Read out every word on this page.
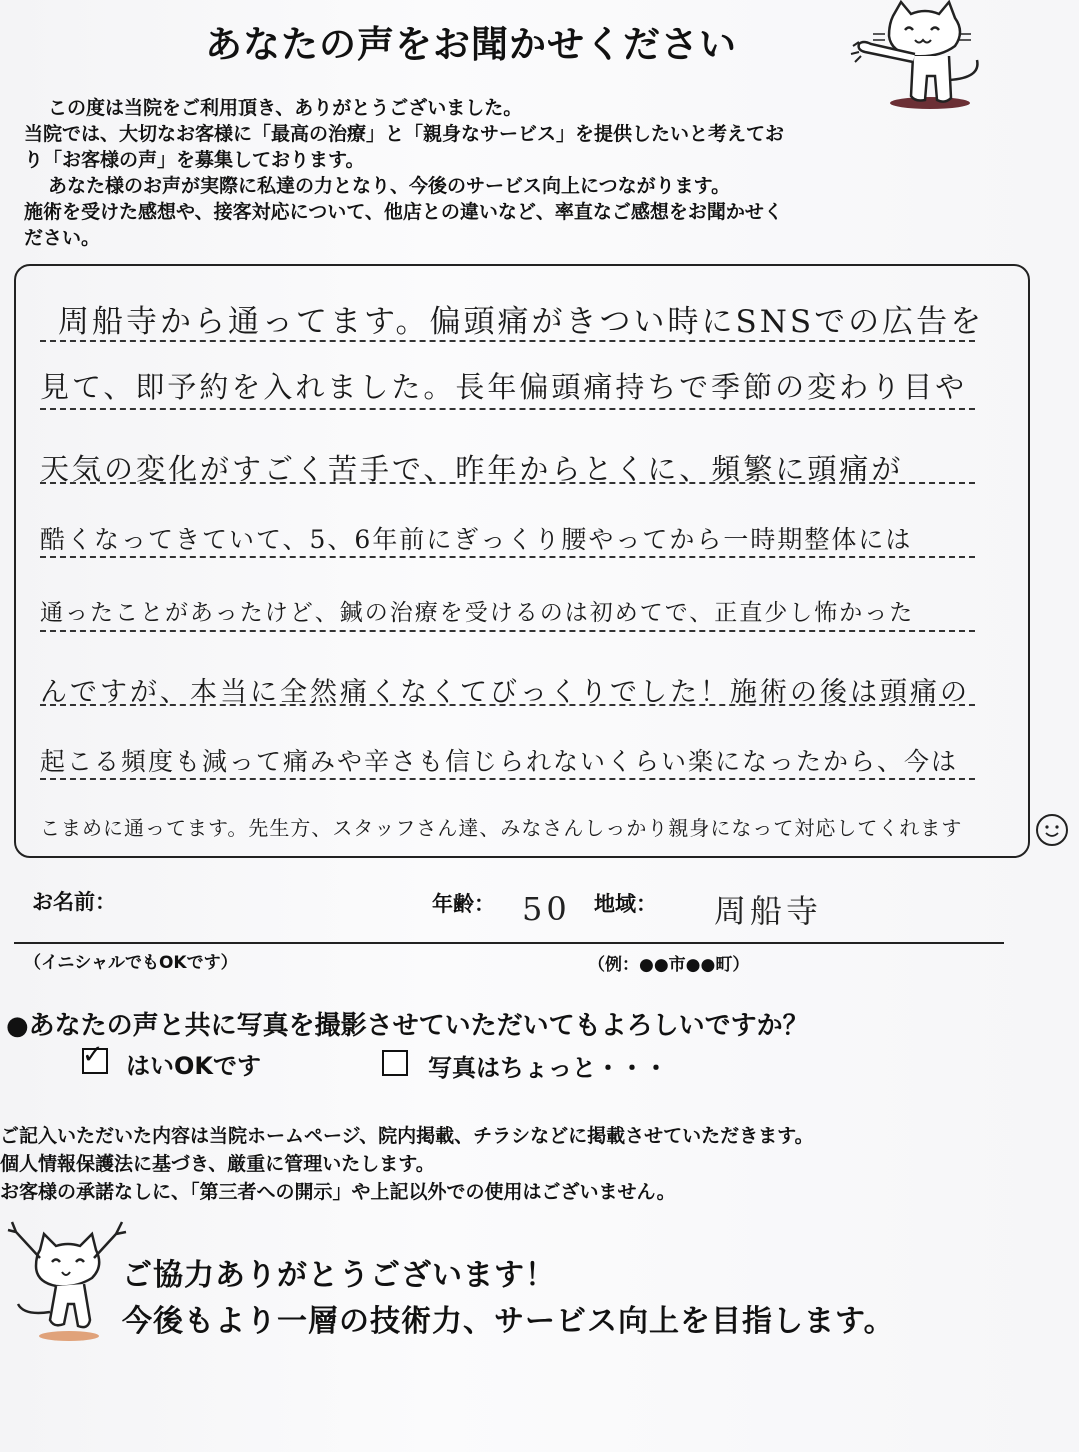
あなたの声をお聞かせください
この度は当院をご利用頂き、ありがとうございました。
当院では、大切なお客様に「最高の治療」と「親身なサービス」を提供したいと考えてお
り「お客様の声」を募集しております。
あなた様のお声が実際に私達の力となり、今後のサービス向上につながります。
施術を受けた感想や、接客対応について、他店との違いなど、率直なご感想をお聞かせく
ださい。
周船寺から通ってます。偏頭痛がきつい時にSNSでの広告を
見て、即予約を入れました。長年偏頭痛持ちで季節の変わり目や
天気の変化がすごく苦手で、昨年からとくに、頻繁に頭痛が
酷くなってきていて、5、6年前にぎっくり腰やってから一時期整体には
通ったことがあったけど、鍼の治療を受けるのは初めてで、正直少し怖かった
んですが、本当に全然痛くなくてびっくりでした！施術の後は頭痛の
起こる頻度も減って痛みや辛さも信じられないくらい楽になったから、今は
こまめに通ってます。先生方、スタッフさん達、みなさんしっかり親身になって対応してくれます
お名前：	年齢： 50 地域： 周船寺
（イニシャルでもOKです）	（例：●●市●●町）
●あなたの声と共に写真を撮影させていただいてもよろしいですか？
✓ はいOKです	写真はちょっと・・・
ご記入いただいた内容は当院ホームページ、院内掲載、チラシなどに掲載させていただきます。
個人情報保護法に基づき、厳重に管理いたします。
お客様の承諾なしに、「第三者への開示」や上記以外での使用はございません。
ご協力ありがとうございます！
今後もより一層の技術力、サービス向上を目指します。
